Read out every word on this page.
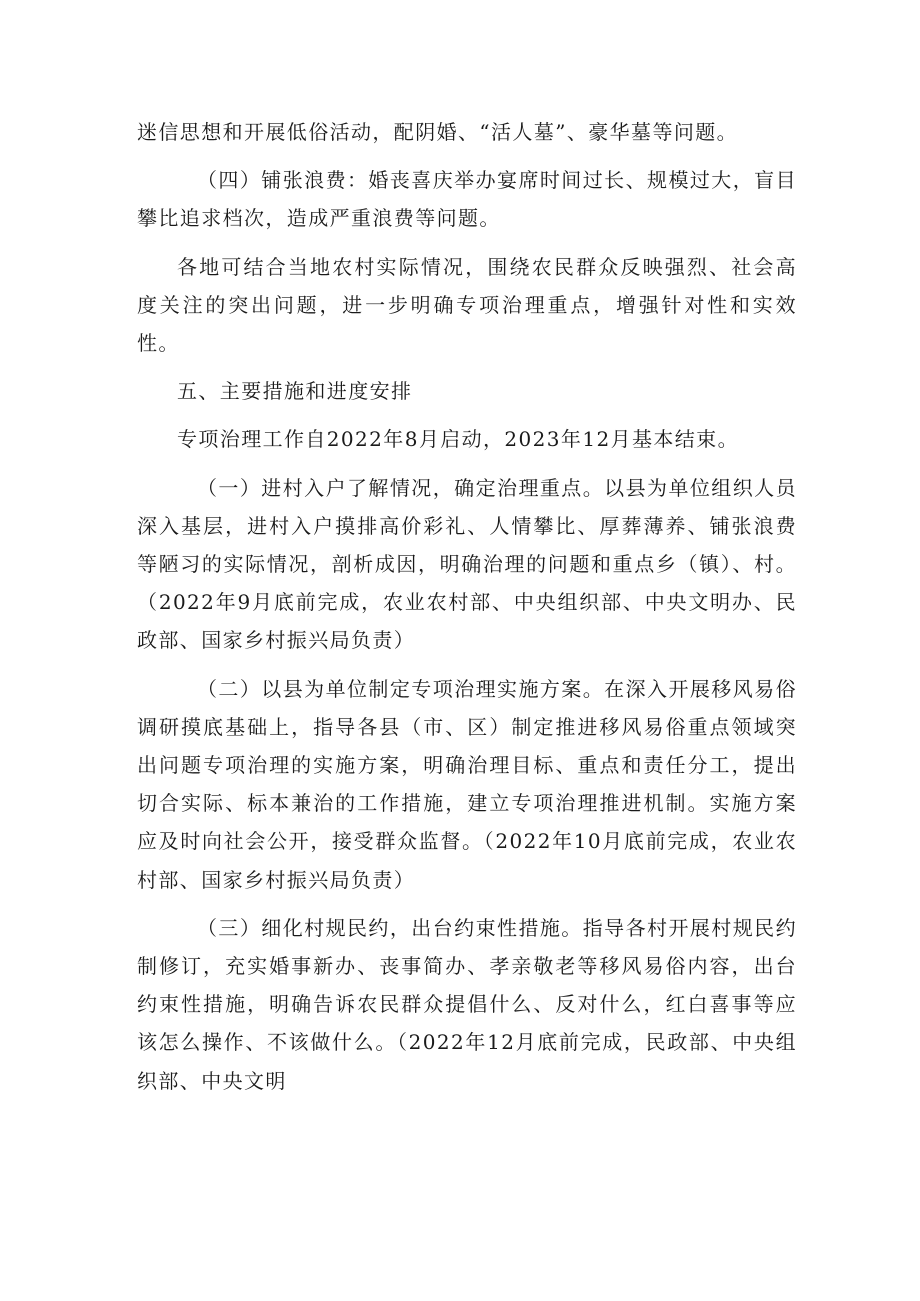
迷信思想和开展低俗活动，配阴婚、“活人墓”、豪华墓等问题。

（四）铺张浪费：婚丧喜庆举办宴席时间过长、规模过大，盲目攀比追求档次，造成严重浪费等问题。

各地可结合当地农村实际情况，围绕农民群众反映强烈、社会高度关注的突出问题，进一步明确专项治理重点，增强针对性和实效性。

五、主要措施和进度安排

专项治理工作自2022年8月启动，2023年12月基本结束。

（一）进村入户了解情况，确定治理重点。以县为单位组织人员深入基层，进村入户摸排高价彩礼、人情攀比、厚葬薄养、铺张浪费等陋习的实际情况，剖析成因，明确治理的问题和重点乡（镇）、村。（2022年9月底前完成，农业农村部、中央组织部、中央文明办、民政部、国家乡村振兴局负责）

（二）以县为单位制定专项治理实施方案。在深入开展移风易俗调研摸底基础上，指导各县（市、区）制定推进移风易俗重点领域突出问题专项治理的实施方案，明确治理目标、重点和责任分工，提出切合实际、标本兼治的工作措施，建立专项治理推进机制。实施方案应及时向社会公开，接受群众监督。（2022年10月底前完成，农业农村部、国家乡村振兴局负责）

（三）细化村规民约，出台约束性措施。指导各村开展村规民约制修订，充实婚事新办、丧事简办、孝亲敬老等移风易俗内容，出台约束性措施，明确告诉农民群众提倡什么、反对什么，红白喜事等应该怎么操作、不该做什么。（2022年12月底前完成，民政部、中央组织部、中央文明
